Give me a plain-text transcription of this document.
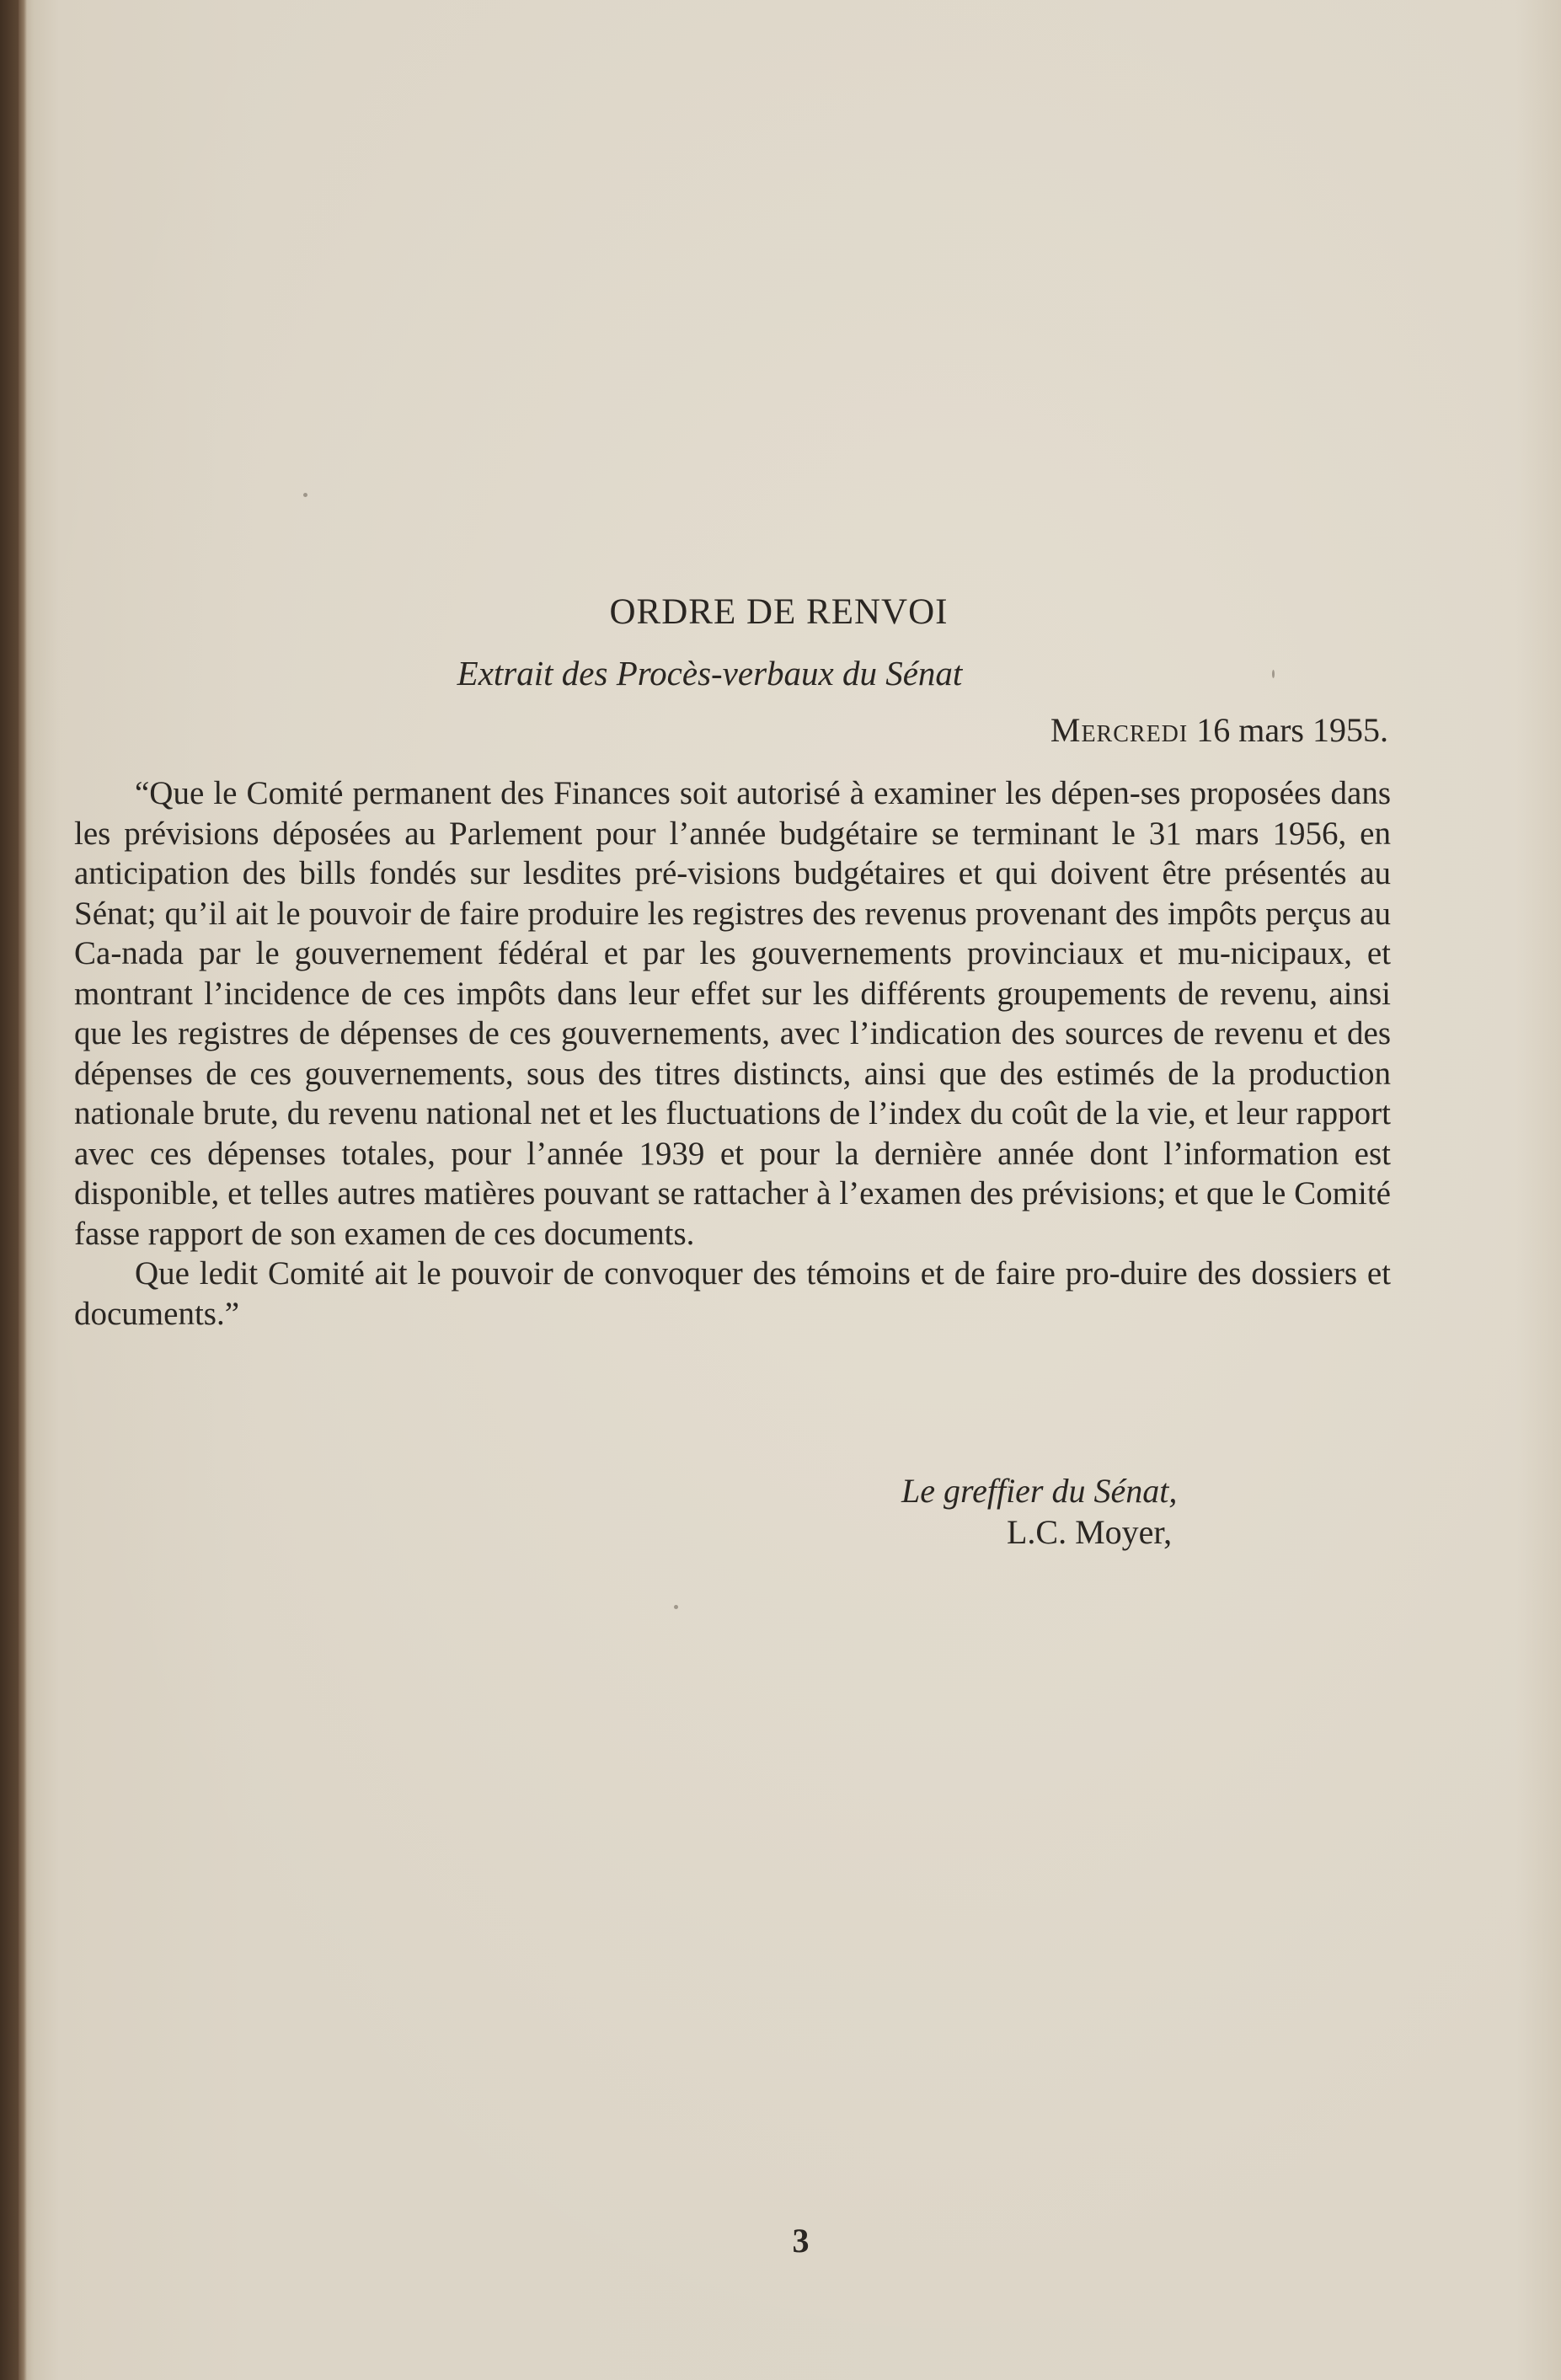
ORDRE DE RENVOI
Extrait des Procès-verbaux du Sénat
Mercredi 16 mars 1955.

“Que le Comité permanent des Finances soit autorisé à examiner les dépen-ses proposées dans les prévisions déposées au Parlement pour l’année budgétaire se terminant le 31 mars 1956, en anticipation des bills fondés sur lesdites pré-visions budgétaires et qui doivent être présentés au Sénat; qu’il ait le pouvoir de faire produire les registres des revenus provenant des impôts perçus au Ca-nada par le gouvernement fédéral et par les gouvernements provinciaux et mu-nicipaux, et montrant l’incidence de ces impôts dans leur effet sur les différents groupements de revenu, ainsi que les registres de dépenses de ces gouvernements, avec l’indication des sources de revenu et des dépenses de ces gouvernements, sous des titres distincts, ainsi que des estimés de la production nationale brute, du revenu national net et les fluctuations de l’index du coût de la vie, et leur rapport avec ces dépenses totales, pour l’année 1939 et pour la dernière année dont l’information est disponible, et telles autres matières pouvant se rattacher à l’examen des prévisions; et que le Comité fasse rapport de son examen de ces documents.

Que ledit Comité ait le pouvoir de convoquer des témoins et de faire pro-duire des dossiers et documents.”

Le greffier du Sénat,
L.C. Moyer,
3
